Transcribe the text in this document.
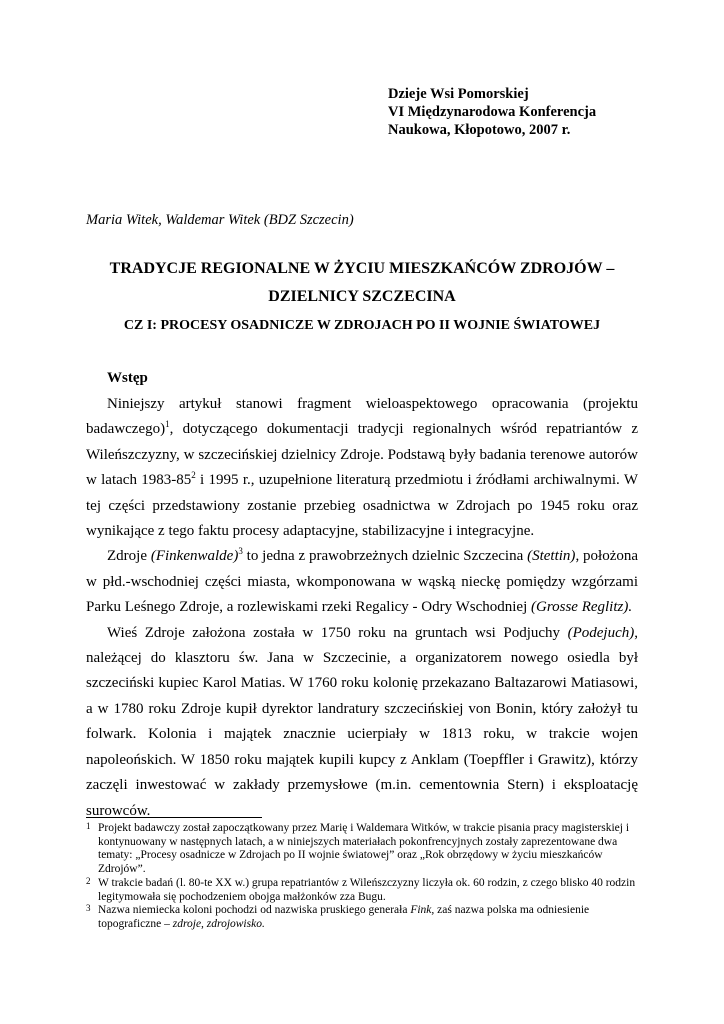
Dzieje Wsi Pomorskiej
VI Międzynarodowa Konferencja
Naukowa, Kłopotowo, 2007 r.
Maria Witek, Waldemar Witek (BDZ Szczecin)
TRADYCJE REGIONALNE W ŻYCIU MIESZKAŃCÓW ZDROJÓW –
DZIELNICY SZCZECINA
CZ I: PROCESY OSADNICZE W ZDROJACH PO II WOJNIE ŚWIATOWEJ
Wstęp

Niniejszy artykuł stanowi fragment wieloaspektowego opracowania (projektu badawczego)$^1$, dotyczącego dokumentacji tradycji regionalnych wśród repatriantów z Wileńszczyzny, w szczecińskiej dzielnicy Zdroje. Podstawą były badania terenowe autorów w latach $1983-85^2$ i 1995 r., uzupełnione literaturą przedmiotu i źródłami archiwalnymi. W tej części przedstawiony zostanie przebieg osadnictwa w Zdrojach po 1945 roku oraz wynikające z tego faktu procesy adaptacyjne, stabilizacyjne i integracyjne.

Zdroje (Finkenwalde)$^3$ to jedna z prawobrzeżnych dzielnic Szczecina (Stettin), położona w płd.-wschodniej części miasta, wkomponowana w wąską nieckę pomiędzy wzgórzami Parku Leśnego Zdroje, a rozlewiskami rzeki Regalicy - Odry Wschodniej (Grosse Reglitz).

Wieś Zdroje założona została w 1750 roku na gruntach wsi Podjuchy (Podejuch), należącej do klasztoru św. Jana w Szczecinie, a organizatorem nowego osiedla był szczeciński kupiec Karol Matias. W 1760 roku kolonię przekazano Baltazarowi Matiasowi, a w 1780 roku Zdroje kupił dyrektor landratury szczecińskiej von Bonin, który założył tu folwark. Kolonia i majątek znacznie ucierpiały w 1813 roku, w trakcie wojen napoleońskich. W 1850 roku majątek kupili kupcy z Anklam (Toepffler i Grawitz), którzy zaczęli inwestować w zakłady przemysłowe (m.in. cementownia Stern) i eksploatację surowców.

1 Projekt badawczy został zapoczątkowany przez Marię i Waldemara Witków, w trakcie pisania pracy magisterskiej i kontynuowany w następnych latach, a w niniejszych materiałach pokonfrencyjnych zostały zaprezentowane dwa tematy: „Procesy osadnicze w Zdrojach po II wojnie światowej” oraz „Rok obrzędowy w życiu mieszkańców Zdrojów”.
2 W trakcie badań (l. 80-te XX w.) grupa repatriantów z Wileńszczyzny liczyła ok. 60 rodzin, z czego blisko 40 rodzin legitymowała się pochodzeniem obojga małżonków zza Bugu.
3 Nazwa niemiecka koloni pochodzi od nazwiska pruskiego generała Fink, zaś nazwa polska ma odniesienie topograficzne – zdroje, zdrojowisko.
